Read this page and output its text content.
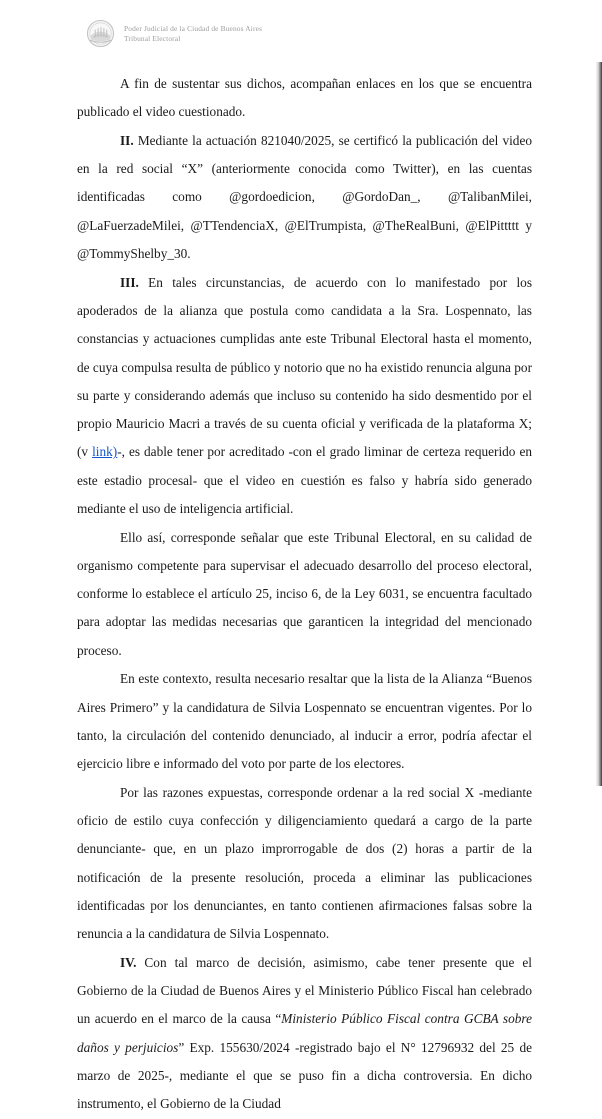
Poder Judicial de la Ciudad de Buenos Aires
Tribunal Electoral

A fin de sustentar sus dichos, acompañan enlaces en los que se encuentra publicado el video cuestionado.

II. Mediante la actuación 821040/2025, se certificó la publicación del video en la red social “X” (anteriormente conocida como Twitter), en las cuentas identificadas como @gordoedicion, @GordoDan_, @TalibanMilei, @LaFuerzadeMilei, @TTendenciaX, @ElTrumpista, @TheRealBuni, @ElPittttt y @TommyShelby_30.

III. En tales circunstancias, de acuerdo con lo manifestado por los apoderados de la alianza que postula como candidata a la Sra. Lospennato, las constancias y actuaciones cumplidas ante este Tribunal Electoral hasta el momento, de cuya compulsa resulta de público y notorio que no ha existido renuncia alguna por su parte y considerando además que incluso su contenido ha sido desmentido por el propio Mauricio Macri a través de su cuenta oficial y verificada de la plataforma X; (v link)-, es dable tener por acreditado -con el grado liminar de certeza requerido en este estadio procesal- que el video en cuestión es falso y habría sido generado mediante el uso de inteligencia artificial.

Ello así, corresponde señalar que este Tribunal Electoral, en su calidad de organismo competente para supervisar el adecuado desarrollo del proceso electoral, conforme lo establece el artículo 25, inciso 6, de la Ley 6031, se encuentra facultado para adoptar las medidas necesarias que garanticen la integridad del mencionado proceso.

En este contexto, resulta necesario resaltar que la lista de la Alianza “Buenos Aires Primero” y la candidatura de Silvia Lospennato se encuentran vigentes. Por lo tanto, la circulación del contenido denunciado, al inducir a error, podría afectar el ejercicio libre e informado del voto por parte de los electores.

Por las razones expuestas, corresponde ordenar a la red social X -mediante oficio de estilo cuya confección y diligenciamiento quedará a cargo de la parte denunciante- que, en un plazo improrrogable de dos (2) horas a partir de la notificación de la presente resolución, proceda a eliminar las publicaciones identificadas por los denunciantes, en tanto contienen afirmaciones falsas sobre la renuncia a la candidatura de Silvia Lospennato.

IV. Con tal marco de decisión, asimismo, cabe tener presente que el Gobierno de la Ciudad de Buenos Aires y el Ministerio Público Fiscal han celebrado un acuerdo en el marco de la causa “Ministerio Público Fiscal contra GCBA sobre daños y perjuicios” Exp. 155630/2024 -registrado bajo el N° 12796932 del 25 de marzo de 2025-, mediante el que se puso fin a dicha controversia. En dicho instrumento, el Gobierno de la Ciudad
